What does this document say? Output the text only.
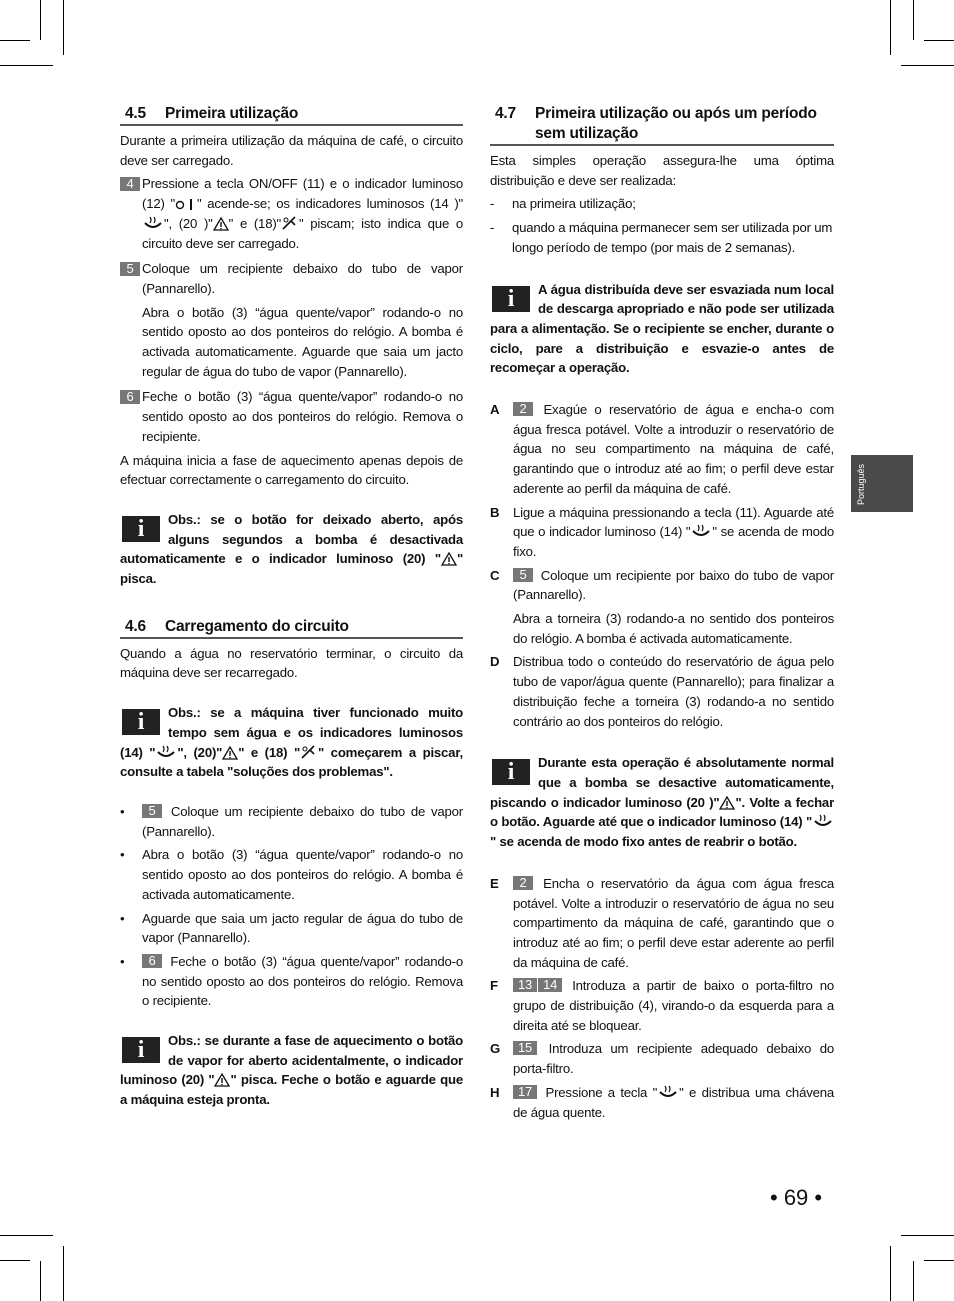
4.5	Primeira utilização

Durante a primeira utilização da máquina de café, o circuito deve ser carregado.

4 Pressione a tecla ON/OFF (11) e o indicador luminoso (12) " " acende-se; os indicadores luminosos (14 )"", (20 )" " e (18)" " piscam; isto indica que o circuito deve ser carregado.
5 Coloque um recipiente debaixo do tubo de vapor (Pannarello).
Abra o botão (3) “água quente/vapor” rodando-o no sentido oposto ao dos ponteiros do relógio. A bomba é activada automaticamente. Aguarde que saia um jacto regular de água do tubo de vapor (Pannarello).
6 Feche o botão (3) “água quente/vapor” rodando-o no sentido oposto ao dos ponteiros do relógio. Remova o recipiente.

A máquina inicia a fase de aquecimento apenas depois de efectuar correctamente o carregamento do circuito.

i	Obs.: se o botão for deixado aberto, após alguns segundos a bomba é desactivada automaticamente e o indicador luminoso (20) " " pisca.
4.6	Carregamento do circuito

Quando a água no reservatório terminar, o circuito da máquina deve ser recarregado.

i	Obs.: se a máquina tiver funcionado muito tempo sem água e os indicadores luminosos (14) " ", (20)" " e (18) " " começarem a piscar, consulte a tabela "soluções dos problemas".
• 5 Coloque um recipiente debaixo do tubo de vapor (Pannarello).
• Abra o botão (3) “água quente/vapor” rodando-o no sentido oposto ao dos ponteiros do relógio. A bomba é activada automaticamente.
• Aguarde que saia um jacto regular de água do tubo de vapor (Pannarello).
• 6 Feche o botão (3) “água quente/vapor” rodando-o no sentido oposto ao dos ponteiros do relógio. Remova o recipiente.
i	Obs.: se durante a fase de aquecimento o botão de vapor for aberto acidentalmente, o indicador luminoso (20) " " pisca. Feche o botão e aguarde que a máquina esteja pronta.
4.7	Primeira utilização ou após um período sem utilização

Esta simples operação assegura-lhe uma óptima distribuição e deve ser realizada:

- na primeira utilização;
- quando a máquina permanecer sem ser utilizada por um longo período de tempo (por mais de 2 semanas).
i	A água distribuída deve ser esvaziada num local de descarga apropriado e não pode ser utilizada para a alimentação. Se o recipiente se encher, durante o ciclo, pare a distribuição e esvazie-o antes de recomeçar a operação.
A 2 Exagúe o reservatório de água e encha-o com água fresca potável. Volte a introduzir o reservatório de água no seu compartimento na máquina de café, garantindo que o introduz até ao fim; o perfil deve estar aderente ao perfil da máquina de café.
B Ligue a máquina pressionando a tecla (11). Aguarde até que o indicador luminoso (14) " " se acenda de modo fixo.
C 5 Coloque um recipiente por baixo do tubo de vapor (Pannarello).
Abra a torneira (3) rodando-a no sentido dos ponteiros do relógio. A bomba é activada automaticamente.
D Distribua todo o conteúdo do reservatório de água pelo tubo de vapor/água quente (Pannarello); para finalizar a distribuição feche a torneira (3) rodando-a no sentido contrário ao dos ponteiros do relógio.
i	Durante esta operação é absolutamente normal que a bomba se desactive automaticamente, piscando o indicador luminoso (20 )" ". Volte a fechar o botão. Aguarde até que o indicador luminoso (14) "" se acenda de modo fixo antes de reabrir o botão.
E 2 Encha o reservatório da água com água fresca potável. Volte a introduzir o reservatório de água no seu compartimento da máquina de café, garantindo que o introduz até ao fim; o perfil deve estar aderente ao perfil da máquina de café.
F 13 14 Introduza a partir de baixo o porta-filtro no grupo de distribuição (4), virando-o da esquerda para a direita até se bloquear.
G 15 Introduza um recipiente adequado debaixo do porta-filtro.
H 17 Pressione a tecla " " e distribua uma chávena de água quente.
Português
• 69 •
